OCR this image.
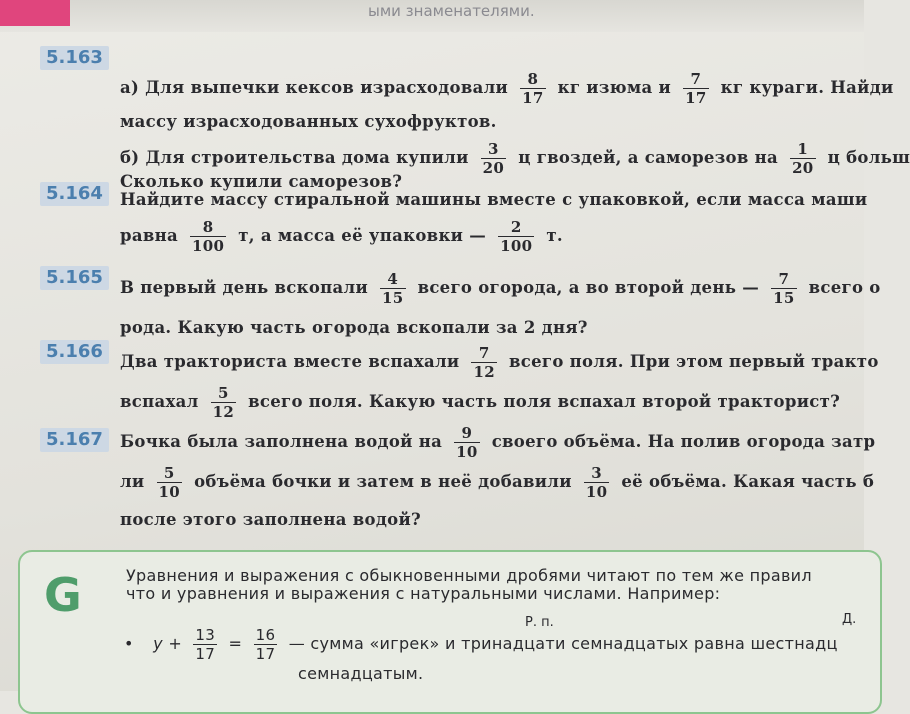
ыми знаменателями.
5.163
а) Для выпечки кексов израсходовали $\frac{8}{17}$ кг изюма и $\frac{7}{17}$ кг кураги. Найди
массу израсходованных сухофруктов.
б) Для строительства дома купили $\frac{3}{20}$ ц гвоздей, а саморезов на $\frac{1}{20}$ ц больш
Сколько купили саморезов?
5.164	Найдите массу стиральной машины вместе с упаковкой, если масса маши
равна $\frac{8}{100} т$, а масса её упаковки — $\frac{2}{100} т$.
5.165	В первый день вскопали $\frac{4}{15}$ всего огорода, а во второй день — $\frac{7}{15}$ всего о
рода. Какую часть огорода вскопали за 2 дня?
5.166	Два тракториста вместе вспахали $\frac{7}{12}$ всего поля. При этом первый тракто
вспахал $\frac{5}{12}$ всего поля. Какую часть поля вспахал второй тракторист?
5.167	Бочка была заполнена водой на $\frac{9}{10}$ своего объёма. На полив огорода затр
ли $\frac{5}{10}$ объёма бочки и затем в неё добавили $\frac{3}{10}$ её объёма. Какая часть б
после этого заполнена водой?
G	Уравнения и выражения с обыкновенными дробями читают по тем же правил
что и уравнения и выражения с натуральными числами. Например:
Р. п.	Д.
• $y + \frac{13}{17} = \frac{16}{17}$ — сумма «игрек» и тринадцати семнадцатых равна шестнадц
семнадцатым.
